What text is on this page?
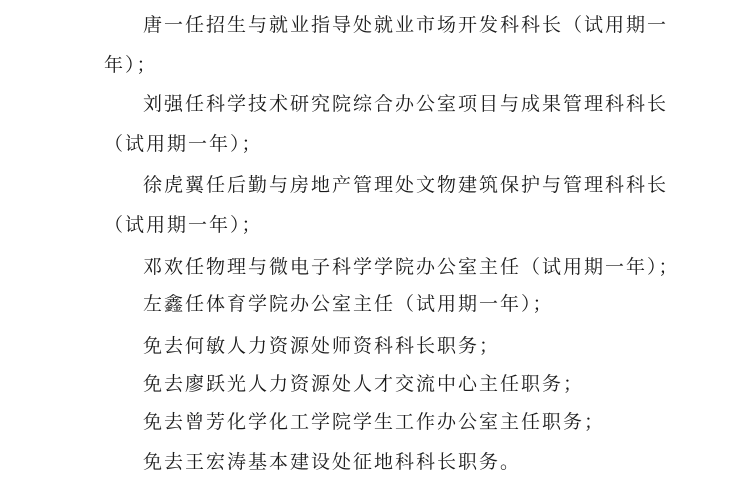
唐一任招生与就业指导处就业市场开发科科长（试用期一
年）；
刘强任科学技术研究院综合办公室项目与成果管理科科长
（试用期一年）；
徐虎翼任后勤与房地产管理处文物建筑保护与管理科科长
（试用期一年）；
邓欢任物理与微电子科学学院办公室主任（试用期一年）；
左鑫任体育学院办公室主任（试用期一年）；
免去何敏人力资源处师资科科长职务；
免去廖跃光人力资源处人才交流中心主任职务；
免去曾芳化学化工学院学生工作办公室主任职务；
免去王宏涛基本建设处征地科科长职务。
